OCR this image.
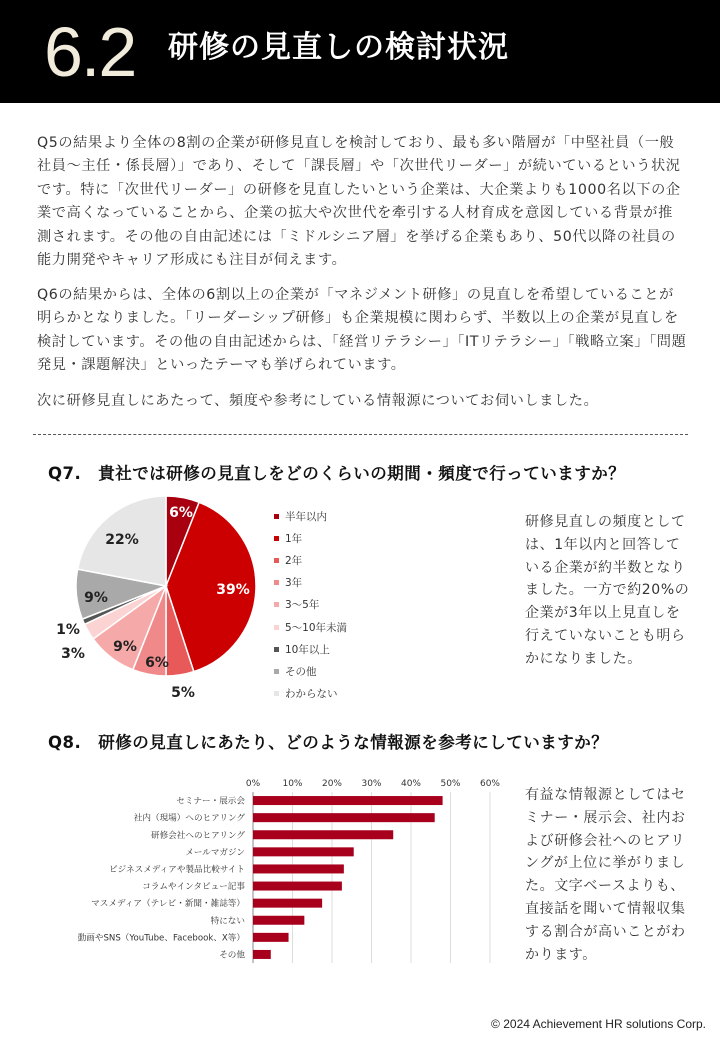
6.2 研修の見直しの検討状況

Q5の結果より全体の8割の企業が研修見直しを検討しており、最も多い階層が「中堅社員（一般社員～主任・係長層）」であり、そして「課長層」や「次世代リーダー」が続いているという状況です。特に「次世代リーダー」の研修を見直したいという企業は、大企業よりも1000名以下の企業で高くなっていることから、企業の拡大や次世代を牽引する人材育成を意図している背景が推測されます。その他の自由記述には「ミドルシニア層」を挙げる企業もあり、50代以降の社員の能力開発やキャリア形成にも注目が伺えます。

Q6の結果からは、全体の6割以上の企業が「マネジメント研修」の見直しを希望していることが明らかとなりました。「リーダーシップ研修」も企業規模に関わらず、半数以上の企業が見直しを検討しています。その他の自由記述からは、「経営リテラシー」「ITリテラシー」「戦略立案」「問題発見・課題解決」といったテーマも挙げられています。

次に研修見直しにあたって、頻度や参考にしている情報源についてお伺いしました。

Q7.　貴社では研修の見直しをどのくらいの期間・頻度で行っていますか？
6%
39%
5%
6%
9%
3%
1%
9%
22%
半年以内
1年
2年
3年
3～5年
5～10年未満
10年以上
その他
わからない
研修見直しの頻度としては、1年以内と回答している企業が約半数となりました。一方で約20%の企業が3年以上見直しを行えていないことも明らかになりました。
Q8.　研修の見直しにあたり、どのような情報源を参考にしていますか？
0% 10% 20% 30% 40% 50% 60%
セミナー・展示会
社内（現場）へのヒアリング
研修会社へのヒアリング
メールマガジン
ビジネスメディアや製品比較サイト
コラムやインタビュー記事
マスメディア（テレビ・新聞・雑誌等）
特にない
動画やSNS（YouTube、Facebook、X等）
その他
有益な情報源としてはセミナー・展示会、社内および研修会社へのヒアリングが上位に挙がりました。文字ベースよりも、直接話を聞いて情報収集する割合が高いことがわかります。
© 2024 Achievement HR solutions Corp.
